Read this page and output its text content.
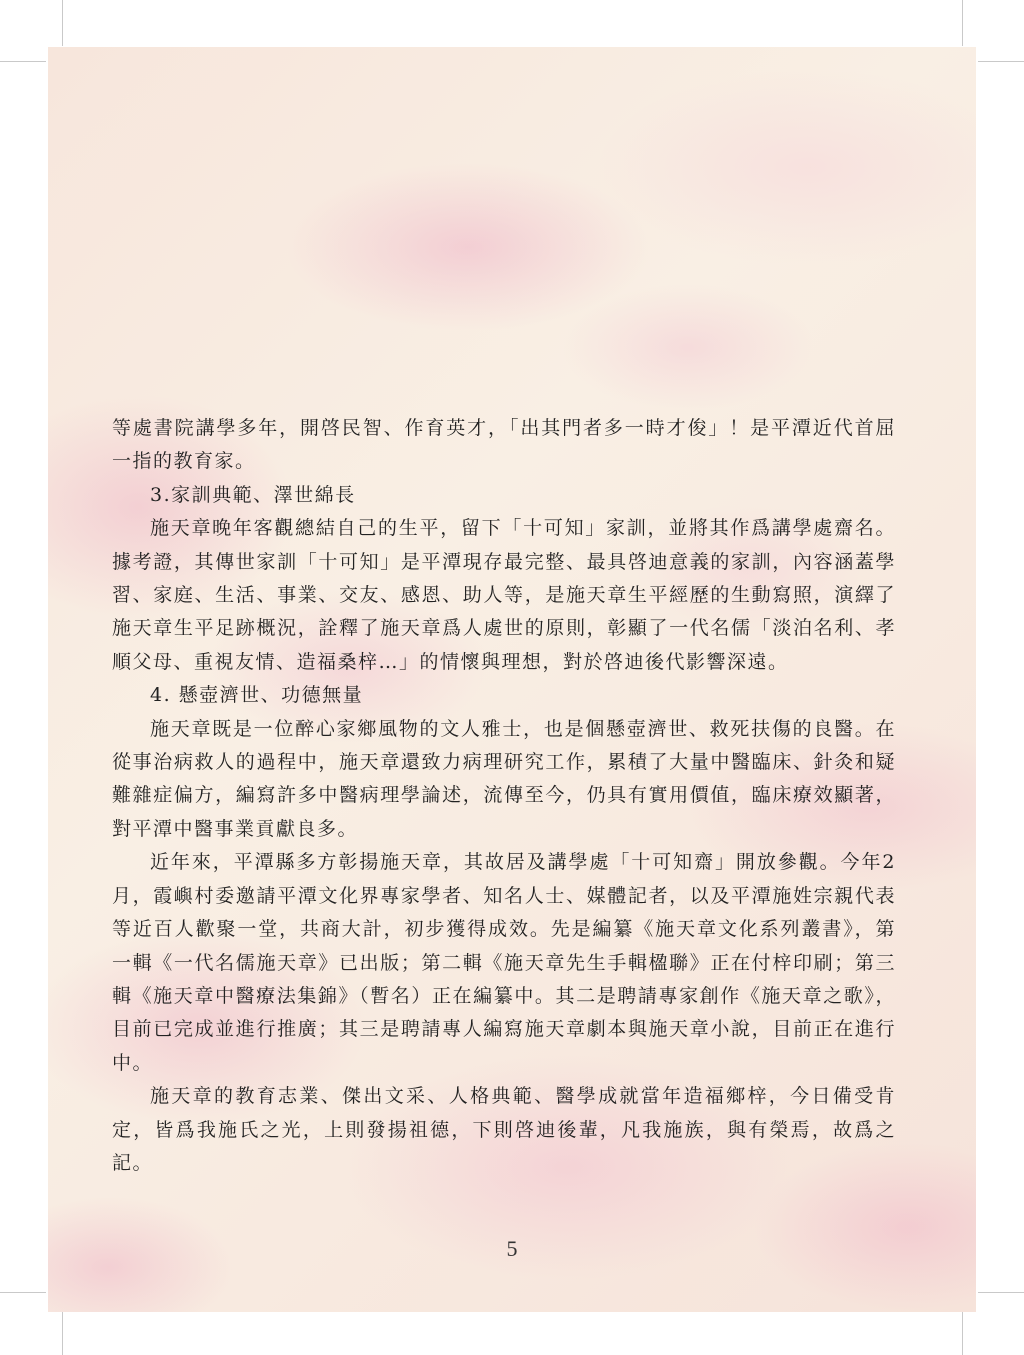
等處書院講學多年，開啓民智、作育英才，「出其門者多一時才俊」！是平潭近代首屈一指的教育家。

3.家訓典範、澤世綿長

施天章晚年客觀總結自己的生平，留下「十可知」家訓，並將其作爲講學處齋名。據考證，其傳世家訓「十可知」是平潭現存最完整、最具啓迪意義的家訓，內容涵蓋學習、家庭、生活、事業、交友、感恩、助人等，是施天章生平經歷的生動寫照，演繹了施天章生平足跡概況，詮釋了施天章爲人處世的原則，彰顯了一代名儒「淡泊名利、孝順父母、重視友情、造福桑梓…」的情懷與理想，對於啓迪後代影響深遠。

4. 懸壺濟世、功德無量

施天章既是一位醉心家鄉風物的文人雅士，也是個懸壺濟世、救死扶傷的良醫。在從事治病救人的過程中，施天章還致力病理研究工作，累積了大量中醫臨床、針灸和疑難雜症偏方，編寫許多中醫病理學論述，流傳至今，仍具有實用價值，臨床療效顯著，對平潭中醫事業貢獻良多。

近年來，平潭縣多方彰揚施天章，其故居及講學處「十可知齋」開放參觀。今年2月，霞嶼村委邀請平潭文化界專家學者、知名人士、媒體記者，以及平潭施姓宗親代表等近百人歡聚一堂，共商大計，初步獲得成效。先是編纂《施天章文化系列叢書》，第一輯《一代名儒施天章》已出版；第二輯《施天章先生手輯楹聯》正在付梓印刷；第三輯《施天章中醫療法集錦》（暫名）正在編纂中。其二是聘請專家創作《施天章之歌》，目前已完成並進行推廣；其三是聘請專人編寫施天章劇本與施天章小說，目前正在進行中。

施天章的教育志業、傑出文采、人格典範、醫學成就當年造福鄉梓，今日備受肯定，皆爲我施氏之光，上則發揚祖德，下則啓迪後輩，凡我施族，與有榮焉，故爲之記。

5
